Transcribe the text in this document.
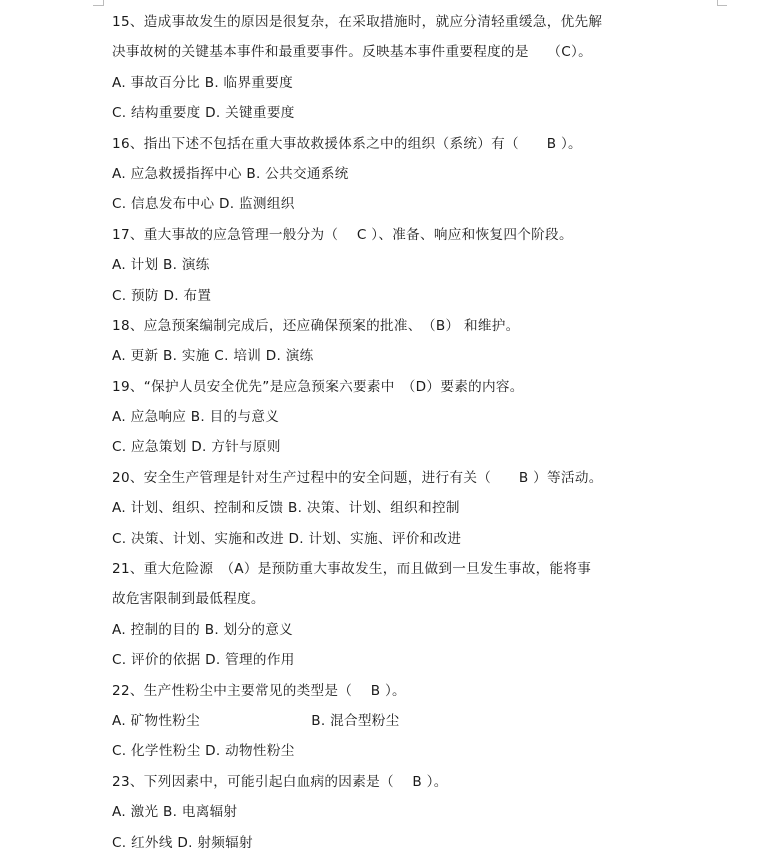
15、造成事故发生的原因是很复杂，在采取措施时，就应分清轻重缓急，优先解
决事故树的关键基本事件和最重要事件。反映基本事件重要程度的是　 （C）。
A. 事故百分比 B. 临界重要度
C. 结构重要度 D. 关键重要度
16、指出下述不包括在重大事故救援体系之中的组织（系统）有（　　B ）。
A. 应急救援指挥中心 B. 公共交通系统
C. 信息发布中心 D. 监测组织
17、重大事故的应急管理一般分为（　 C ）、准备、响应和恢复四个阶段。
A. 计划 B. 演练
C. 预防 D. 布置
18、应急预案编制完成后，还应确保预案的批准、　（B） 和维护。
A. 更新 B. 实施 C. 培训 D. 演练
19、“保护人员安全优先”是应急预案六要素中　（D）要素的内容。
A. 应急响应 B. 目的与意义
C. 应急策划 D. 方针与原则
20、安全生产管理是针对生产过程中的安全问题，进行有关（　　B ）等活动。
A. 计划、组织、控制和反馈 B. 决策、计划、组织和控制
C. 决策、计划、实施和改进 D. 计划、实施、评价和改进
21、重大危险源　（A）是预防重大事故发生，而且做到一旦发生事故，能将事
故危害限制到最低程度。
A. 控制的目的 B. 划分的意义
C. 评价的依据 D. 管理的作用
22、生产性粉尘中主要常见的类型是（　 B ）。
A. 矿物性粉尘　　　　　　　　B. 混合型粉尘
C. 化学性粉尘 D. 动物性粉尘
23、下列因素中，可能引起白血病的因素是（　 B ）。
A. 激光 B. 电离辐射
C. 红外线 D. 射频辐射
